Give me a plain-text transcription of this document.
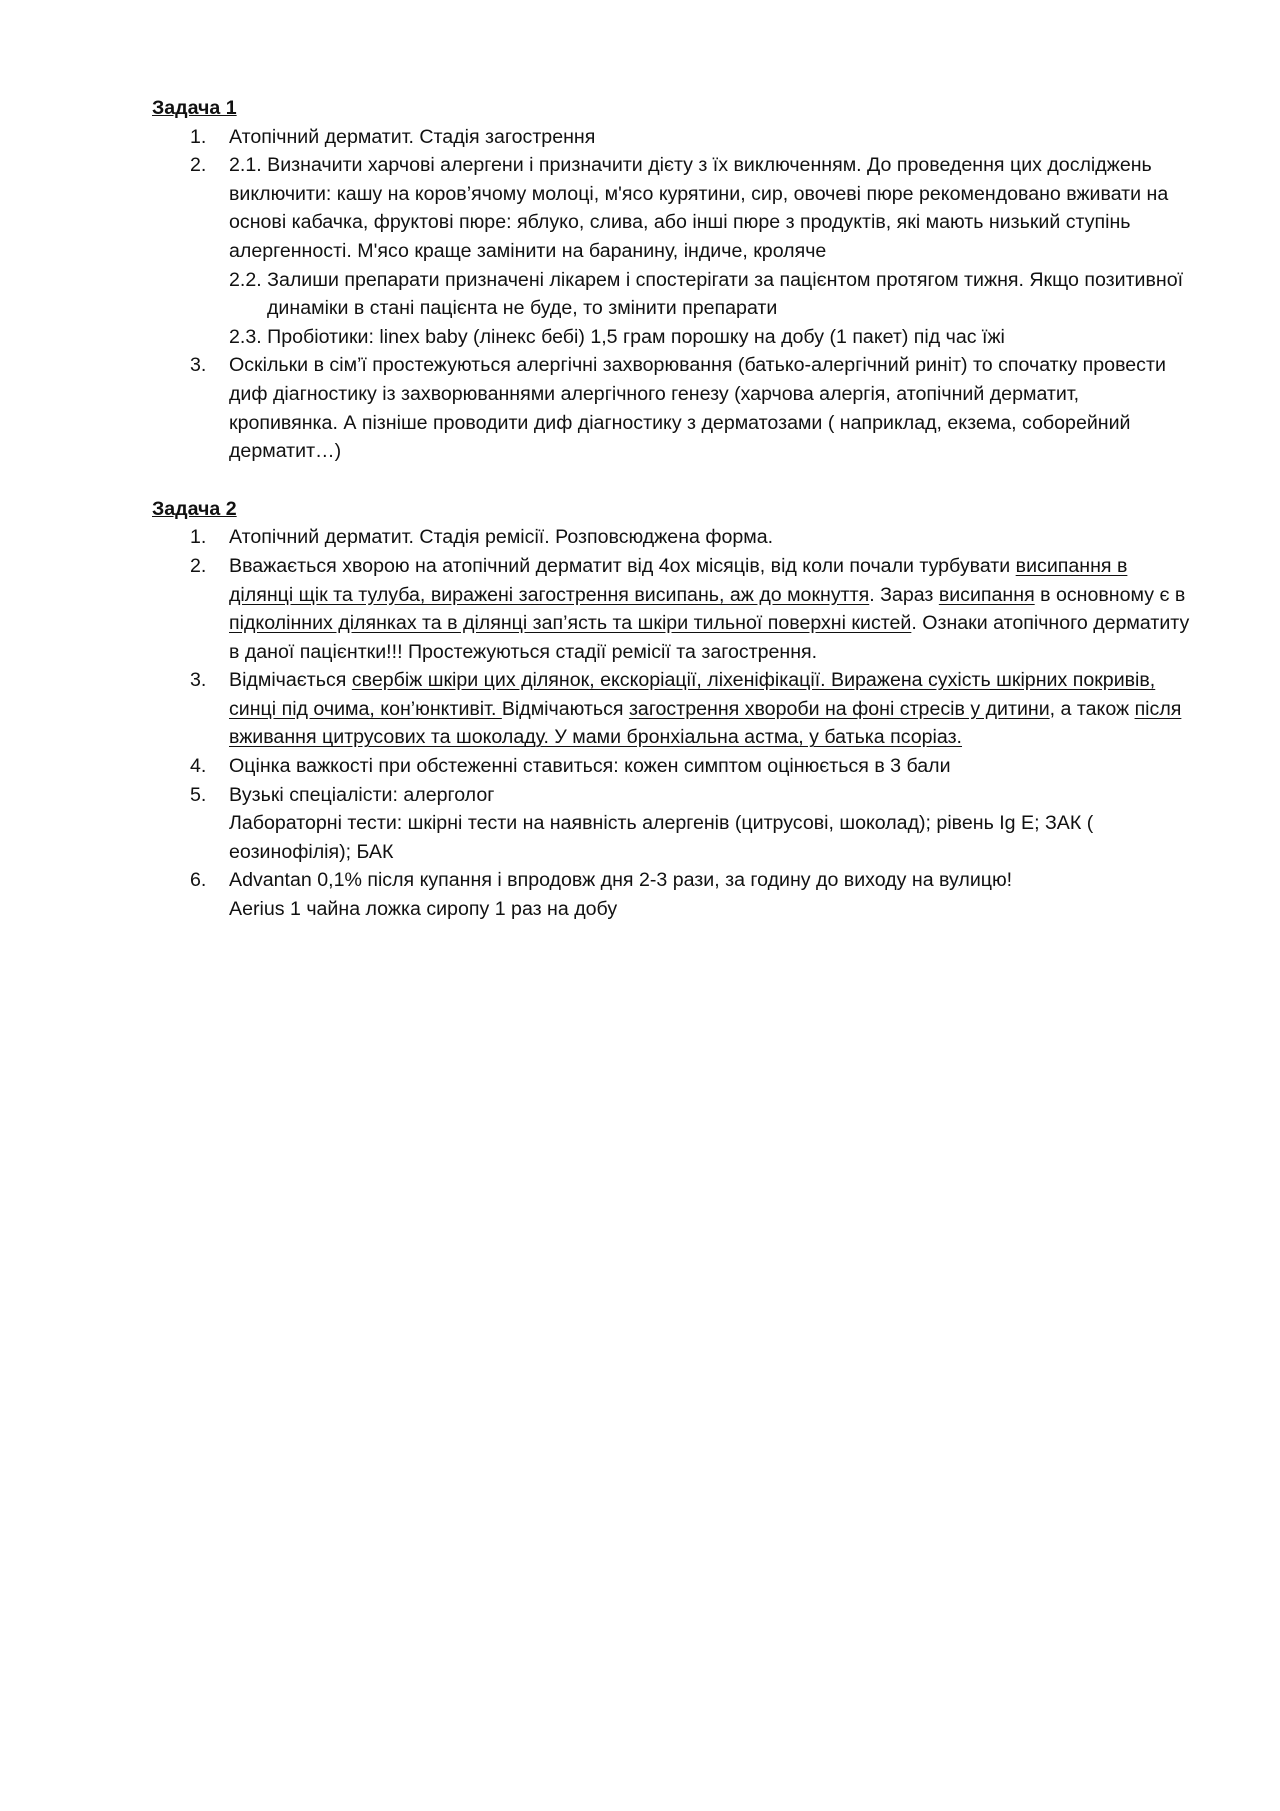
Задача 1

1. Атопічний дерматит. Стадія загострення
2. 2.1. Визначити харчові алергени і призначити дієту з їх виключенням. До проведення цих досліджень виключити: кашу на коров’ячому молоці, м'ясо курятини, сир, овочеві пюре рекомендовано вживати на основі кабачка, фруктові пюре: яблуко, слива, або інші пюре з продуктів, які мають низький ступінь алергенності. М'ясо краще замінити на баранину, індиче, кроляче
2.2. Залиши препарати призначені лікарем і спостерігати за пацієнтом протягом тижня. Якщо позитивної динаміки в стані пацієнта не буде, то змінити препарати
2.3. Пробіотики: linex baby (лінекс бебі) 1,5 грам порошку на добу (1 пакет) під час їжі
3. Оскільки в сім’ї простежуються алергічні захворювання (батько-алергічний риніт) то спочатку провести диф діагностику із захворюваннями алергічного генезу (харчова алергія, атопічний дерматит, кропивянка. А пізніше проводити диф діагностику з дерматозами ( наприклад, екзема, соборейний дерматит…)

Задача 2

1. Атопічний дерматит. Стадія ремісії. Розповсюджена форма.
2. Вважається хворою на атопічний дерматит від 4ох місяців, від коли почали турбувати висипання в ділянці щік та тулуба, виражені загострення висипань, аж до мокнуття. Зараз висипання в основному є в підколінних ділянках та в ділянці зап’ясть та шкіри тильної поверхні кистей. Ознаки атопічного дерматиту в даної пацієнтки!!! Простежуються стадії ремісії та загострення.
3. Відмічається свербіж шкіри цих ділянок, екскоріації, ліхеніфікації. Виражена сухість шкірних покривів, синці під очима, кон’юнктивіт. Відмічаються загострення хвороби на фоні стресів у дитини, а також після вживання цитрусових та шоколаду. У мами бронхіальна астма, у батька псоріаз.
4. Оцінка важкості при обстеженні ставиться: кожен симптом оцінюється в 3 бали
5. Вузькі спеціалісти: алерголог
Лабораторні тести: шкірні тести на наявність алергенів (цитрусові, шоколад); рівень Ig E; ЗАК ( еозинофілія); БАК
6. Advantan 0,1% після купання і впродовж дня 2-3 рази, за годину до виходу на вулицю!
Aerius 1 чайна ложка сиропу 1 раз на добу
